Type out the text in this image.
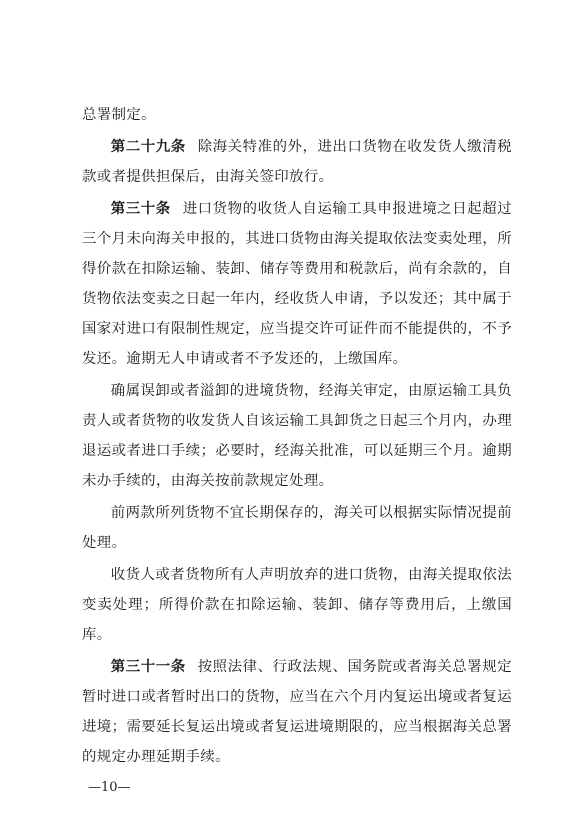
总署制定。

第二十九条 除海关特准的外，进出口货物在收发货人缴清税款或者提供担保后，由海关签印放行。

第三十条 进口货物的收货人自运输工具申报进境之日起超过三个月未向海关申报的，其进口货物由海关提取依法变卖处理，所得价款在扣除运输、装卸、储存等费用和税款后，尚有余款的，自货物依法变卖之日起一年内，经收货人申请，予以发还；其中属于国家对进口有限制性规定，应当提交许可证件而不能提供的，不予发还。逾期无人申请或者不予发还的，上缴国库。

确属误卸或者溢卸的进境货物，经海关审定，由原运输工具负责人或者货物的收发货人自该运输工具卸货之日起三个月内，办理退运或者进口手续；必要时，经海关批准，可以延期三个月。逾期未办手续的，由海关按前款规定处理。

前两款所列货物不宜长期保存的，海关可以根据实际情况提前处理。

收货人或者货物所有人声明放弃的进口货物，由海关提取依法变卖处理；所得价款在扣除运输、装卸、储存等费用后，上缴国库。

第三十一条 按照法律、行政法规、国务院或者海关总署规定暂时进口或者暂时出口的货物，应当在六个月内复运出境或者复运进境；需要延长复运出境或者复运进境期限的，应当根据海关总署的规定办理延期手续。

—10—
